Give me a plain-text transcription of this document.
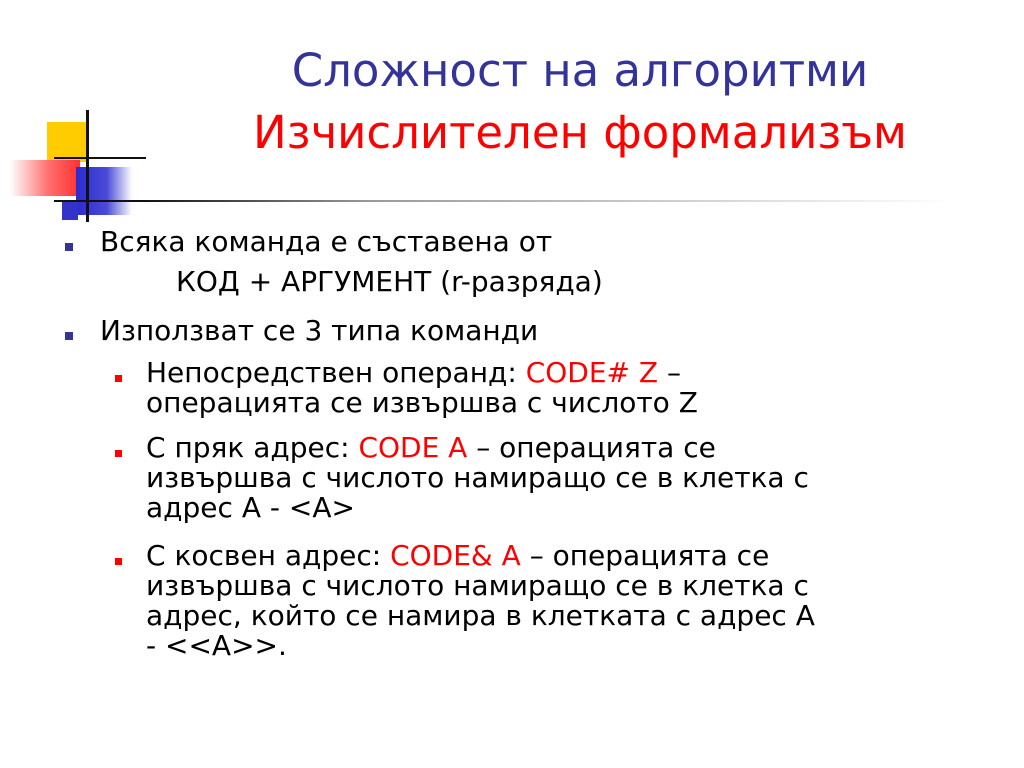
Сложност на алгоритми
Изчислителен формализъм
Всяка команда е съставена от
КОД + АРГУМЕНТ (r-разряда)
Използват се 3 типа команди
Непосредствен операнд: CODE# Z –
операцията се извършва с числото Z
С пряк адрес: CODE A – операцията се
извършва с числото намиращо се в клетка с
адрес A - <A>
С косвен адрес: CODE& A – операцията се
извършва с числото намиращо се в клетка с
адрес, който се намира в клетката с адрес A
- <<A>>.
